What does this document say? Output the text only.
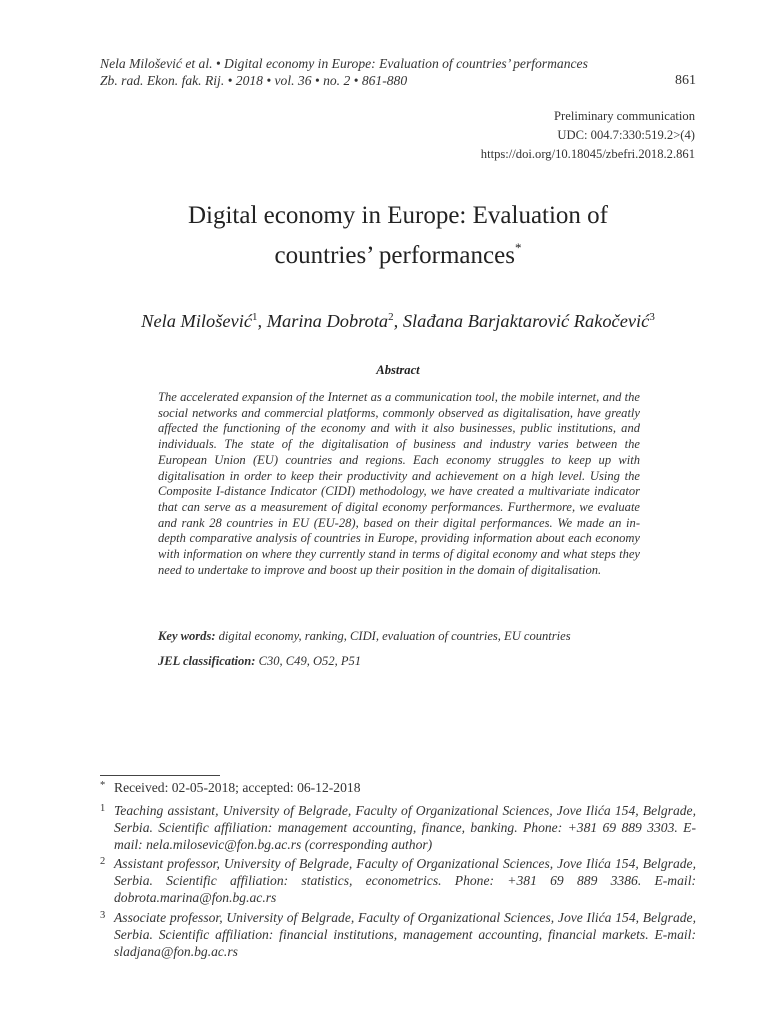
Nela Milošević et al. • Digital economy in Europe: Evaluation of countries’ performances
Zb. rad. Ekon. fak. Rij. • 2018 • vol. 36 • no. 2 • 861-880	861
Preliminary communication
UDC: 004.7:330:519.2>(4)
https://doi.org/10.18045/zbefri.2018.2.861
Digital economy in Europe: Evaluation of
countries’ performances*
Nela Milošević$^1$, Marina Dobrota$^2$, Slađana Barjaktarović Rakočević$^3$
Abstract
The accelerated expansion of the Internet as a communication tool, the mobile internet, and the social networks and commercial platforms, commonly observed as digitalisation, have greatly affected the functioning of the economy and with it also businesses, public institutions, and individuals. The state of the digitalisation of business and industry varies between the European Union (EU) countries and regions. Each economy struggles to keep up with digitalisation in order to keep their productivity and achievement on a high level. Using the Composite I-distance Indicator (CIDI) methodology, we have created a multivariate indicator that can serve as a measurement of digital economy performances. Furthermore, we evaluate and rank 28 countries in EU (EU-28), based on their digital performances. We made an in-depth comparative analysis of countries in Europe, providing information about each economy with information on where they currently stand in terms of digital economy and what steps they need to undertake to improve and boost up their position in the domain of digitalisation.
Key words: digital economy, ranking, CIDI, evaluation of countries, EU countries
JEL classification: C30, C49, O52, P51
* Received: 02-05-2018; accepted: 06-12-2018
1 Teaching assistant, University of Belgrade, Faculty of Organizational Sciences, Jove Ilića 154, Belgrade, Serbia. Scientific affiliation: management accounting, finance, banking. Phone: +381 69 889 3303. E-mail: nela.milosevic@fon.bg.ac.rs (corresponding author)
2 Assistant professor, University of Belgrade, Faculty of Organizational Sciences, Jove Ilića 154, Belgrade, Serbia. Scientific affiliation: statistics, econometrics. Phone: +381 69 889 3386. E-mail: dobrota.marina@fon.bg.ac.rs
3 Associate professor, University of Belgrade, Faculty of Organizational Sciences, Jove Ilića 154, Belgrade, Serbia. Scientific affiliation: financial institutions, management accounting, financial markets. E-mail: sladjana@fon.bg.ac.rs
